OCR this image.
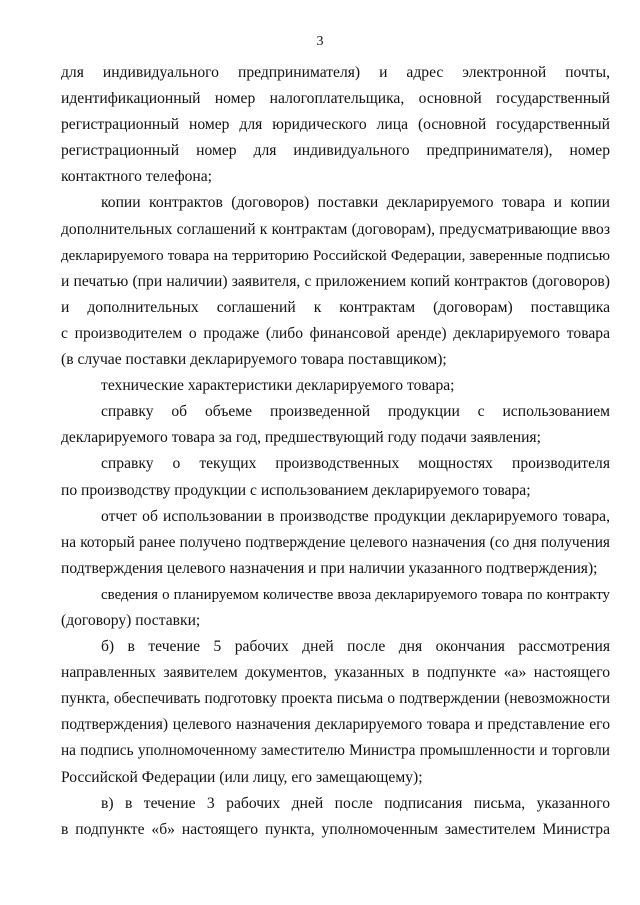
3

для индивидуального предпринимателя) и адрес электронной почты,

идентификационный номер налогоплательщика, основной государственный

регистрационный номер для юридического лица (основной государственный

регистрационный номер для индивидуального предпринимателя), номер

контактного телефона;

копии контрактов (договоров) поставки декларируемого товара и копии

дополнительных соглашений к контрактам (договорам), предусматривающие ввоз

декларируемого товара на территорию Российской Федерации, заверенные подписью

и печатью (при наличии) заявителя, с приложением копий контрактов (договоров)

и дополнительных соглашений к контрактам (договорам) поставщика

с производителем о продаже (либо финансовой аренде) декларируемого товара

(в случае поставки декларируемого товара поставщиком);

технические характеристики декларируемого товара;

справку об объеме произведенной продукции с использованием

декларируемого товара за год, предшествующий году подачи заявления;

справку о текущих производственных мощностях производителя

по производству продукции с использованием декларируемого товара;

отчет об использовании в производстве продукции декларируемого товара,

на который ранее получено подтверждение целевого назначения (со дня получения

подтверждения целевого назначения и при наличии указанного подтверждения);

сведения о планируемом количестве ввоза декларируемого товара по контракту

(договору) поставки;

б) в течение 5 рабочих дней после дня окончания рассмотрения

направленных заявителем документов, указанных в подпункте «а» настоящего

пункта, обеспечивать подготовку проекта письма о подтверждении (невозможности

подтверждения) целевого назначения декларируемого товара и представление его

на подпись уполномоченному заместителю Министра промышленности и торговли

Российской Федерации (или лицу, его замещающему);

в) в течение 3 рабочих дней после подписания письма, указанного

в подпункте «б» настоящего пункта, уполномоченным заместителем Министра
